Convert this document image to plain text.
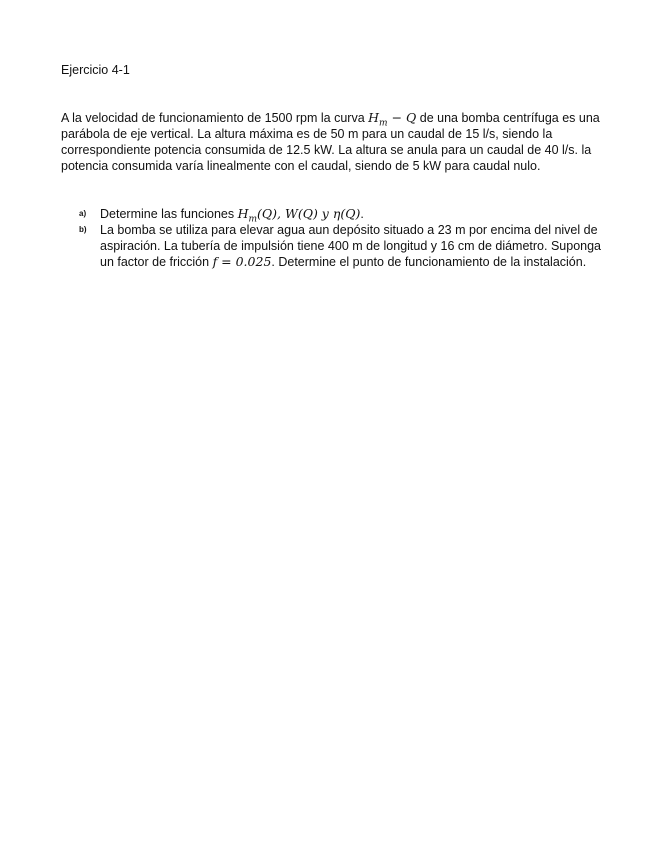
Ejercicio 4-1

A la velocidad de funcionamiento de 1500 rpm la curva $H_m - Q$ de una bomba centrífuga es una parábola de eje vertical. La altura máxima es de 50 m para un caudal de 15 l/s, siendo la correspondiente potencia consumida de 12.5 kW. La altura se anula para un caudal de 40 l/s. la potencia consumida varía linealmente con el caudal, siendo de 5 kW para caudal nulo.

a) Determine las funciones $H_m(Q)$, W(Q) y η(Q).
b) La bomba se utiliza para elevar agua aun depósito situado a 23 m por encima del nivel de aspiración. La tubería de impulsión tiene 400 m de longitud y 16 cm de diámetro. Suponga un factor de fricción f = 0.025. Determine el punto de funcionamiento de la instalación.
